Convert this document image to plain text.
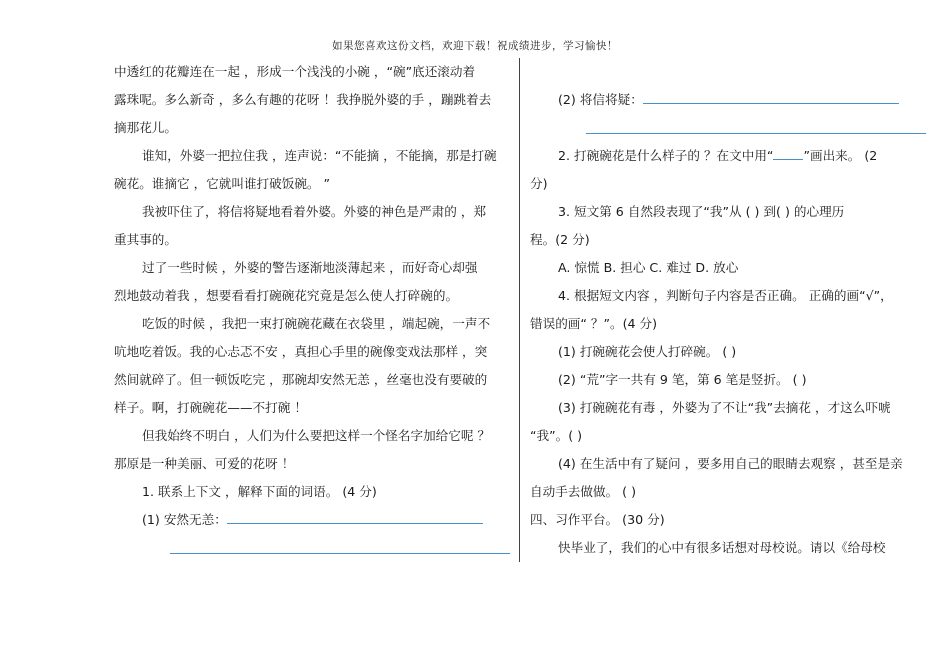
如果您喜欢这份文档，欢迎下载！祝成绩进步，学习愉快！
中透红的花瓣连在一起 ，形成一个浅浅的小碗 ，“碗”底还滚动着
露珠呢。多么新奇 ，多么有趣的花呀 ！我挣脱外婆的手 ，蹦跳着去
摘那花儿。
谁知，外婆一把拉住我 ，连声说：“不能摘 ，不能摘，那是打碗
碗花。谁摘它 ，它就叫谁打破饭碗。 ”
我被吓住了，将信将疑地看着外婆。外婆的神色是严肃的 ，郑
重其事的。
过了一些时候 ，外婆的警告逐渐地淡薄起来 ，而好奇心却强
烈地鼓动着我 ，想要看看打碗碗花究竟是怎么使人打碎碗的。
吃饭的时候 ，我把一束打碗碗花藏在衣袋里 ，端起碗，一声不
吭地吃着饭。我的心忐忑不安 ，真担心手里的碗像变戏法那样 ，突
然间就碎了。但一顿饭吃完 ，那碗却安然无恙 ，丝毫也没有要破的
样子。啊，打碗碗花——不打碗 ！
但我始终不明白 ，人们为什么要把这样一个怪名字加给它呢 ？
那原是一种美丽、可爱的花呀 ！
1. 联系上下文 ，解释下面的词语。 (4 分)
(1) 安然无恙：
(2) 将信将疑：
2. 打碗碗花是什么样子的 ？在文中用“ ”画出来。 (2
分)
3. 短文第 6 自然段表现了“我”从 ( ) 到( ) 的心理历
程。(2 分)
A. 惊慌 B. 担心 C. 难过 D. 放心
4. 根据短文内容 ，判断句子内容是否正确。 正确的画“√”，
错误的画“ ？”。(4 分)
(1) 打碗碗花会使人打碎碗。 ( )
(2) “荒”字一共有 9 笔，第 6 笔是竖折。 ( )
(3) 打碗碗花有毒 ，外婆为了不让“我”去摘花 ，才这么吓唬
“我”。( )
(4) 在生活中有了疑问 ，要多用自己的眼睛去观察 ，甚至是亲
自动手去做做。 ( )
四、习作平台。 (30 分)
快毕业了，我们的心中有很多话想对母校说。请以《给母校
